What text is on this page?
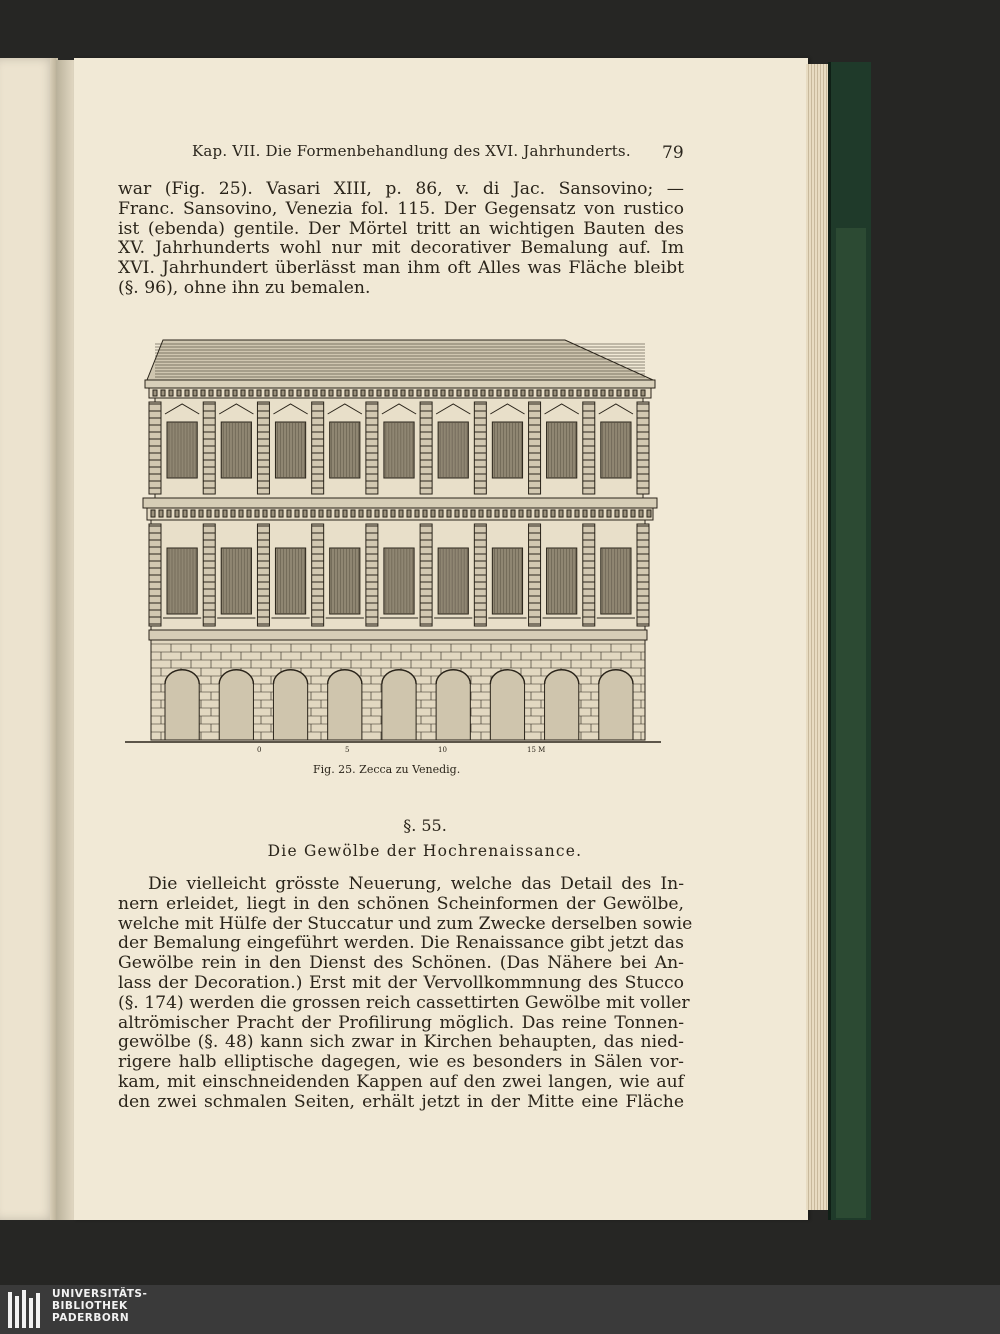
Kap. VII. Die Formenbehandlung des XVI. Jahrhunderts. 79
war (Fig. 25). Vasari XIII, p. 86, v. di Jac. Sansovino; —
Franc. Sansovino, Venezia fol. 115. Der Gegensatz von rustico
ist (ebenda) gentile. Der Mörtel tritt an wichtigen Bauten des
XV. Jahrhunderts wohl nur mit decorativer Bemalung auf. Im
XVI. Jahrhundert überlässt man ihm oft Alles was Fläche bleibt
(§. 96), ohne ihn zu bemalen.
0	5	10	15 M
Fig. 25. Zecca zu Venedig.
§. 55.
Die Gewölbe der Hochrenaissance.
Die vielleicht grösste Neuerung, welche das Detail des In-
nern erleidet, liegt in den schönen Scheinformen der Gewölbe,
welche mit Hülfe der Stuccatur und zum Zwecke derselben sowie
der Bemalung eingeführt werden. Die Renaissance gibt jetzt das
Gewölbe rein in den Dienst des Schönen. (Das Nähere bei An-
lass der Decoration.) Erst mit der Vervollkommnung des Stucco
(§. 174) werden die grossen reich cassettirten Gewölbe mit voller
altrömischer Pracht der Profilirung möglich. Das reine Tonnen-
gewölbe (§. 48) kann sich zwar in Kirchen behaupten, das nied-
rigere halb elliptische dagegen, wie es besonders in Sälen vor-
kam, mit einschneidenden Kappen auf den zwei langen, wie auf
den zwei schmalen Seiten, erhält jetzt in der Mitte eine Fläche
UNIVERSITÄTS-
BIBLIOTHEK
PADERBORN
